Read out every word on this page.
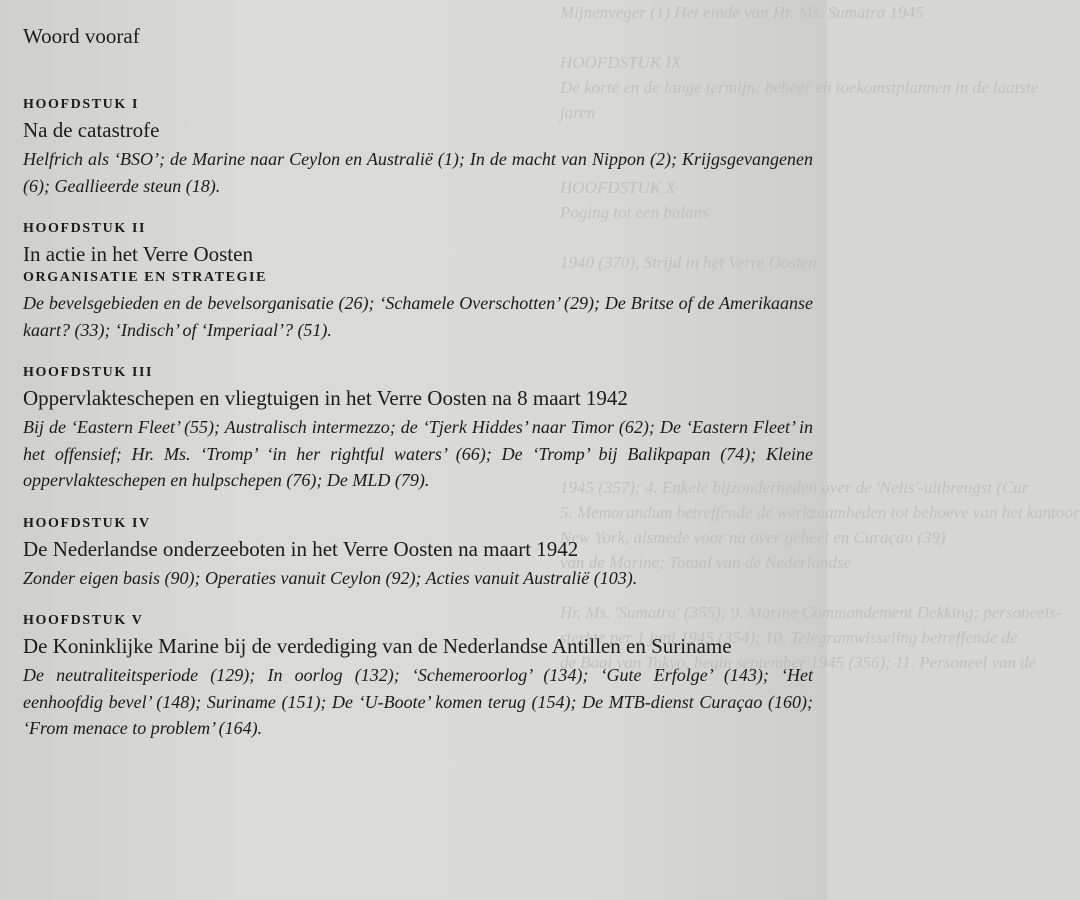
Mijnenveger (1) Het einde van Hr. Ms. Sumatra 1945
HOOFDSTUK IX
De korte en de lange termijn: beheer en toekomstplannen in de laatste
jaren
HOOFDSTUK X
Poging tot een balans
1940 (370), Strijd in het Verre Oosten
1945 (357); 4. Enkele bijzonderheden over de 'Nelis'-uitbrengst (Cur
5. Memorandum betreffende de werkzaamheden tot behoeve van het kantoor
New York, alsmede voor na over geheel en Curaçao (39)
van de Marine; Totaal van de Nederlandse
Hr. Ms. 'Sumatra' (355); 9. Marine Commandement Dekking; personeels-
sterkte per 1 juni 1945 (354); 10. Telegramwisseling betreffende de
de Baai van Tokyo, begin september 1945 (356); 11. Personeel van de
Woord vooraf
HOOFDSTUK I
Na de catastrofe
Helfrich als ‘BSO’; de Marine naar Ceylon en Australië (1); In de macht van Nippon (2); Krijgsgevangenen (6); Geallieerde steun (18).
HOOFDSTUK II
In actie in het Verre Oosten
ORGANISATIE EN STRATEGIE
De bevelsgebieden en de bevelsorganisatie (26); ‘Schamele Overschotten’ (29); De Britse of de Amerikaanse kaart? (33); ‘Indisch’ of ‘Imperiaal’? (51).
HOOFDSTUK III
Oppervlakteschepen en vliegtuigen in het Verre Oosten na 8 maart 1942
Bij de ‘Eastern Fleet’ (55); Australisch intermezzo; de ‘Tjerk Hiddes’ naar Timor (62); De ‘Eastern Fleet’ in het offensief; Hr. Ms. ‘Tromp’ ‘in her rightful waters’ (66); De ‘Tromp’ bij Balikpapan (74); Kleine oppervlakteschepen en hulpschepen (76); De MLD (79).
HOOFDSTUK IV
De Nederlandse onderzeeboten in het Verre Oosten na maart 1942
Zonder eigen basis (90); Operaties vanuit Ceylon (92); Acties vanuit Australië (103).
HOOFDSTUK V
De Koninklijke Marine bij de verdediging van de Nederlandse Antillen en Suriname
De neutraliteitsperiode (129); In oorlog (132); ‘Schemeroorlog’ (134); ‘Gute Erfolge’ (143); ‘Het eenhoofdig bevel’ (148); Suriname (151); De ‘U-Boote’ komen terug (154); De MTB-dienst Curaçao (160); ‘From menace to problem’ (164).
